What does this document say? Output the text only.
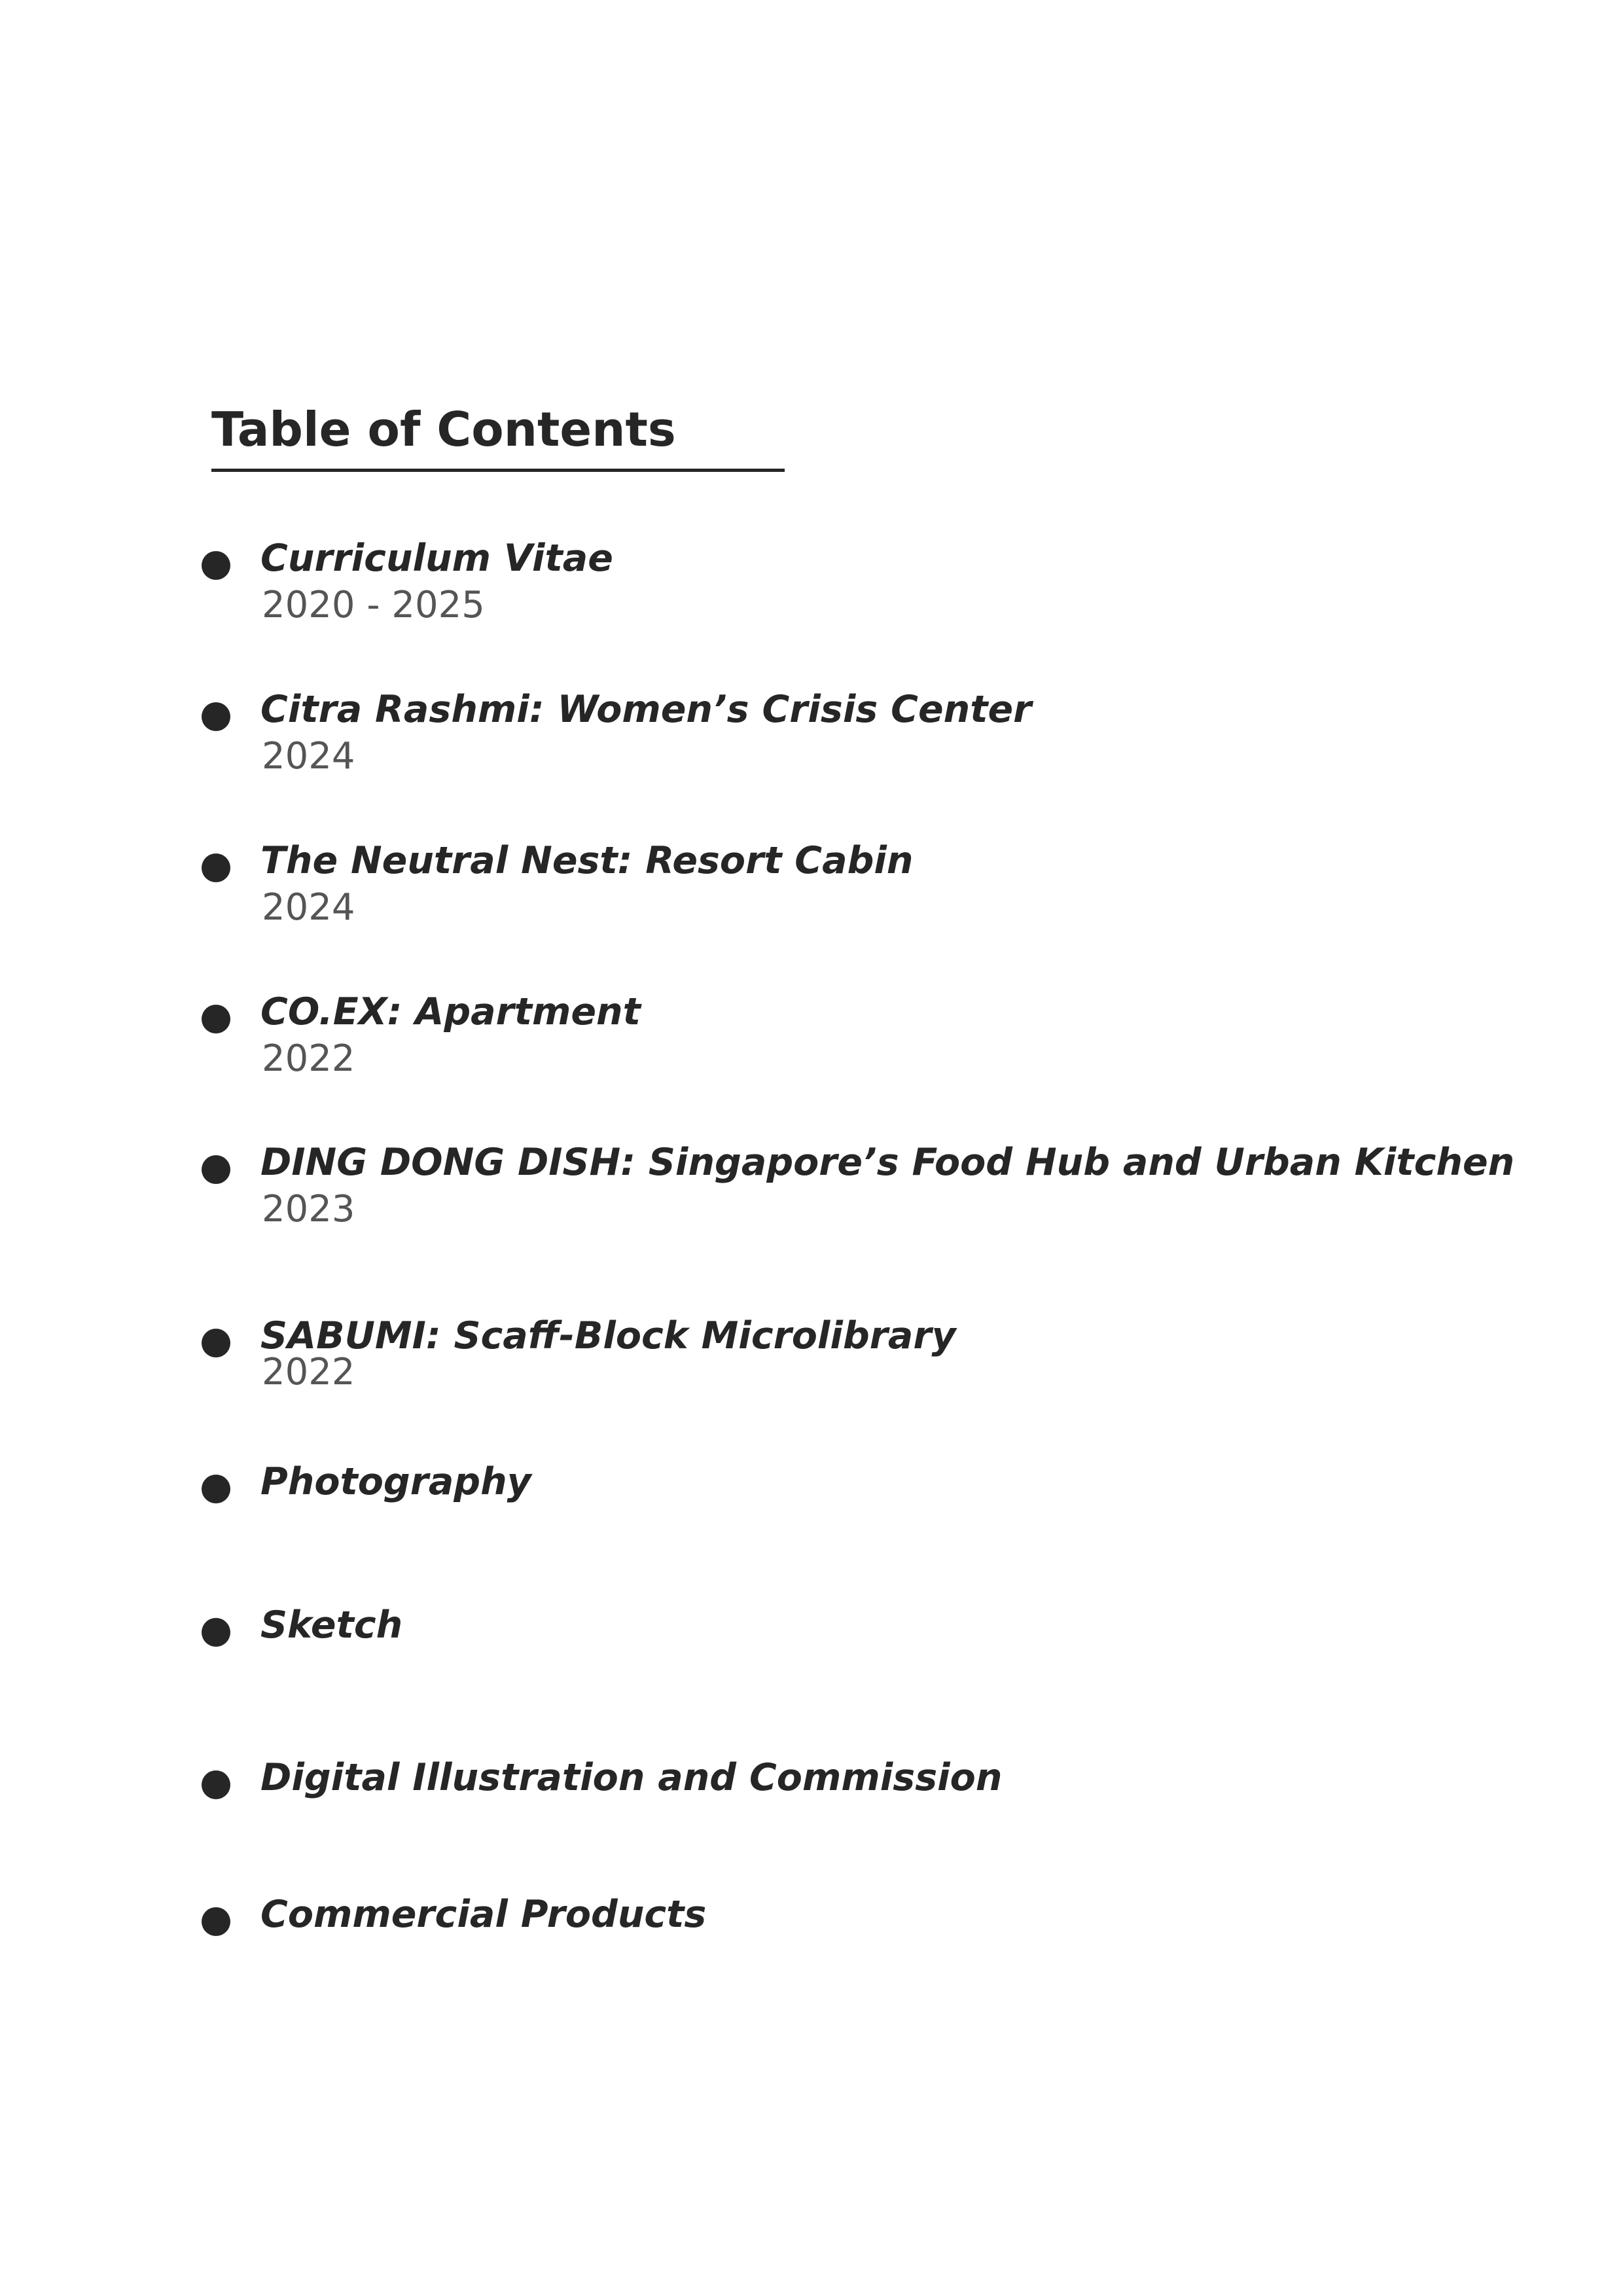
Table of Contents
Curriculum Vitae
2020 - 2025
Citra Rashmi: Women’s Crisis Center
2024
The Neutral Nest: Resort Cabin
2024
CO.EX: Apartment
2022
DING DONG DISH: Singapore’s Food Hub and Urban Kitchen
2023
SABUMI: Scaff-Block Microlibrary
2022
Photography
Sketch
Digital Illustration and Commission
Commercial Products
